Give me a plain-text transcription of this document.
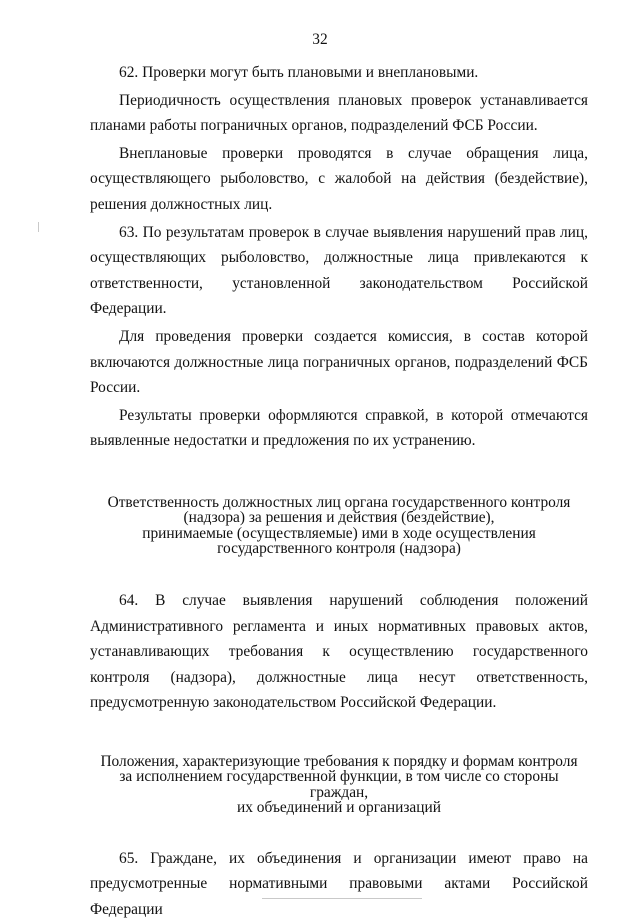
32

62. Проверки могут быть плановыми и внеплановыми.

Периодичность осуществления плановых проверок устанавливается планами работы пограничных органов, подразделений ФСБ России.

Внеплановые проверки проводятся в случае обращения лица, осуществляющего рыболовство, с жалобой на действия (бездействие), решения должностных лиц.

63. По результатам проверок в случае выявления нарушений прав лиц, осуществляющих рыболовство, должностные лица привлекаются к ответственности, установленной законодательством Российской Федерации.

Для проведения проверки создается комиссия, в состав которой включаются должностные лица пограничных органов, подразделений ФСБ России.

Результаты проверки оформляются справкой, в которой отмечаются выявленные недостатки и предложения по их устранению.

Ответственность должностных лиц органа государственного контроля

(надзора) за решения и действия (бездействие),

принимаемые (осуществляемые) ими в ходе осуществления

государственного контроля (надзора)

64. В случае выявления нарушений соблюдения положений Административного регламента и иных нормативных правовых актов, устанавливающих требования к осуществлению государственного контроля (надзора), должностные лица несут ответственность, предусмотренную законодательством Российской Федерации.

Положения, характеризующие требования к порядку и формам контроля

за исполнением государственной функции, в том числе со стороны граждан,

их объединений и организаций

65. Граждане, их объединения и организации имеют право на предусмотренные нормативными правовыми актами Российской Федерации
